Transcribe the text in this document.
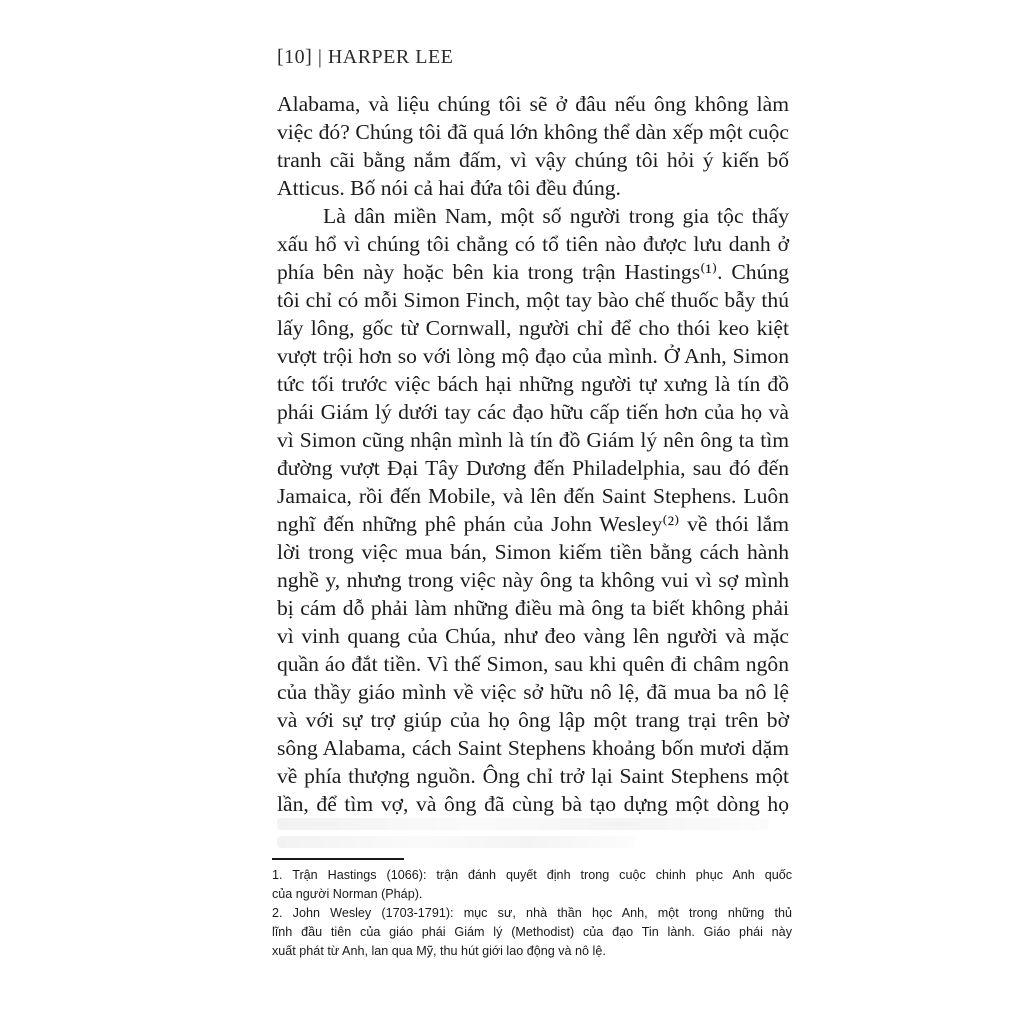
[10] | HARPER LEE
Alabama, và liệu chúng tôi sẽ ở đâu nếu ông không làm
việc đó? Chúng tôi đã quá lớn không thể dàn xếp một cuộc
tranh cãi bằng nắm đấm, vì vậy chúng tôi hỏi ý kiến bố
Atticus. Bố nói cả hai đứa tôi đều đúng.
Là dân miền Nam, một số người trong gia tộc thấy
xấu hổ vì chúng tôi chẳng có tổ tiên nào được lưu danh ở
phía bên này hoặc bên kia trong trận Hastings⁽¹⁾. Chúng
tôi chỉ có mỗi Simon Finch, một tay bào chế thuốc bẫy thú
lấy lông, gốc từ Cornwall, người chỉ để cho thói keo kiệt
vượt trội hơn so với lòng mộ đạo của mình. Ở Anh, Simon
tức tối trước việc bách hại những người tự xưng là tín đồ
phái Giám lý dưới tay các đạo hữu cấp tiến hơn của họ và
vì Simon cũng nhận mình là tín đồ Giám lý nên ông ta tìm
đường vượt Đại Tây Dương đến Philadelphia, sau đó đến
Jamaica, rồi đến Mobile, và lên đến Saint Stephens. Luôn
nghĩ đến những phê phán của John Wesley⁽²⁾ về thói lắm
lời trong việc mua bán, Simon kiếm tiền bằng cách hành
nghề y, nhưng trong việc này ông ta không vui vì sợ mình
bị cám dỗ phải làm những điều mà ông ta biết không phải
vì vinh quang của Chúa, như đeo vàng lên người và mặc
quần áo đắt tiền. Vì thế Simon, sau khi quên đi châm ngôn
của thầy giáo mình về việc sở hữu nô lệ, đã mua ba nô lệ
và với sự trợ giúp của họ ông lập một trang trại trên bờ
sông Alabama, cách Saint Stephens khoảng bốn mươi dặm
về phía thượng nguồn. Ông chỉ trở lại Saint Stephens một
lần, để tìm vợ, và ông đã cùng bà tạo dựng một dòng họ
1. Trận Hastings (1066): trận đánh quyết định trong cuộc chinh phục Anh quốc
của người Norman (Pháp).
2. John Wesley (1703-1791): mục sư, nhà thần học Anh, một trong những thủ
lĩnh đầu tiên của giáo phái Giám lý (Methodist) của đạo Tin lành. Giáo phái này
xuất phát từ Anh, lan qua Mỹ, thu hút giới lao động và nô lệ.
